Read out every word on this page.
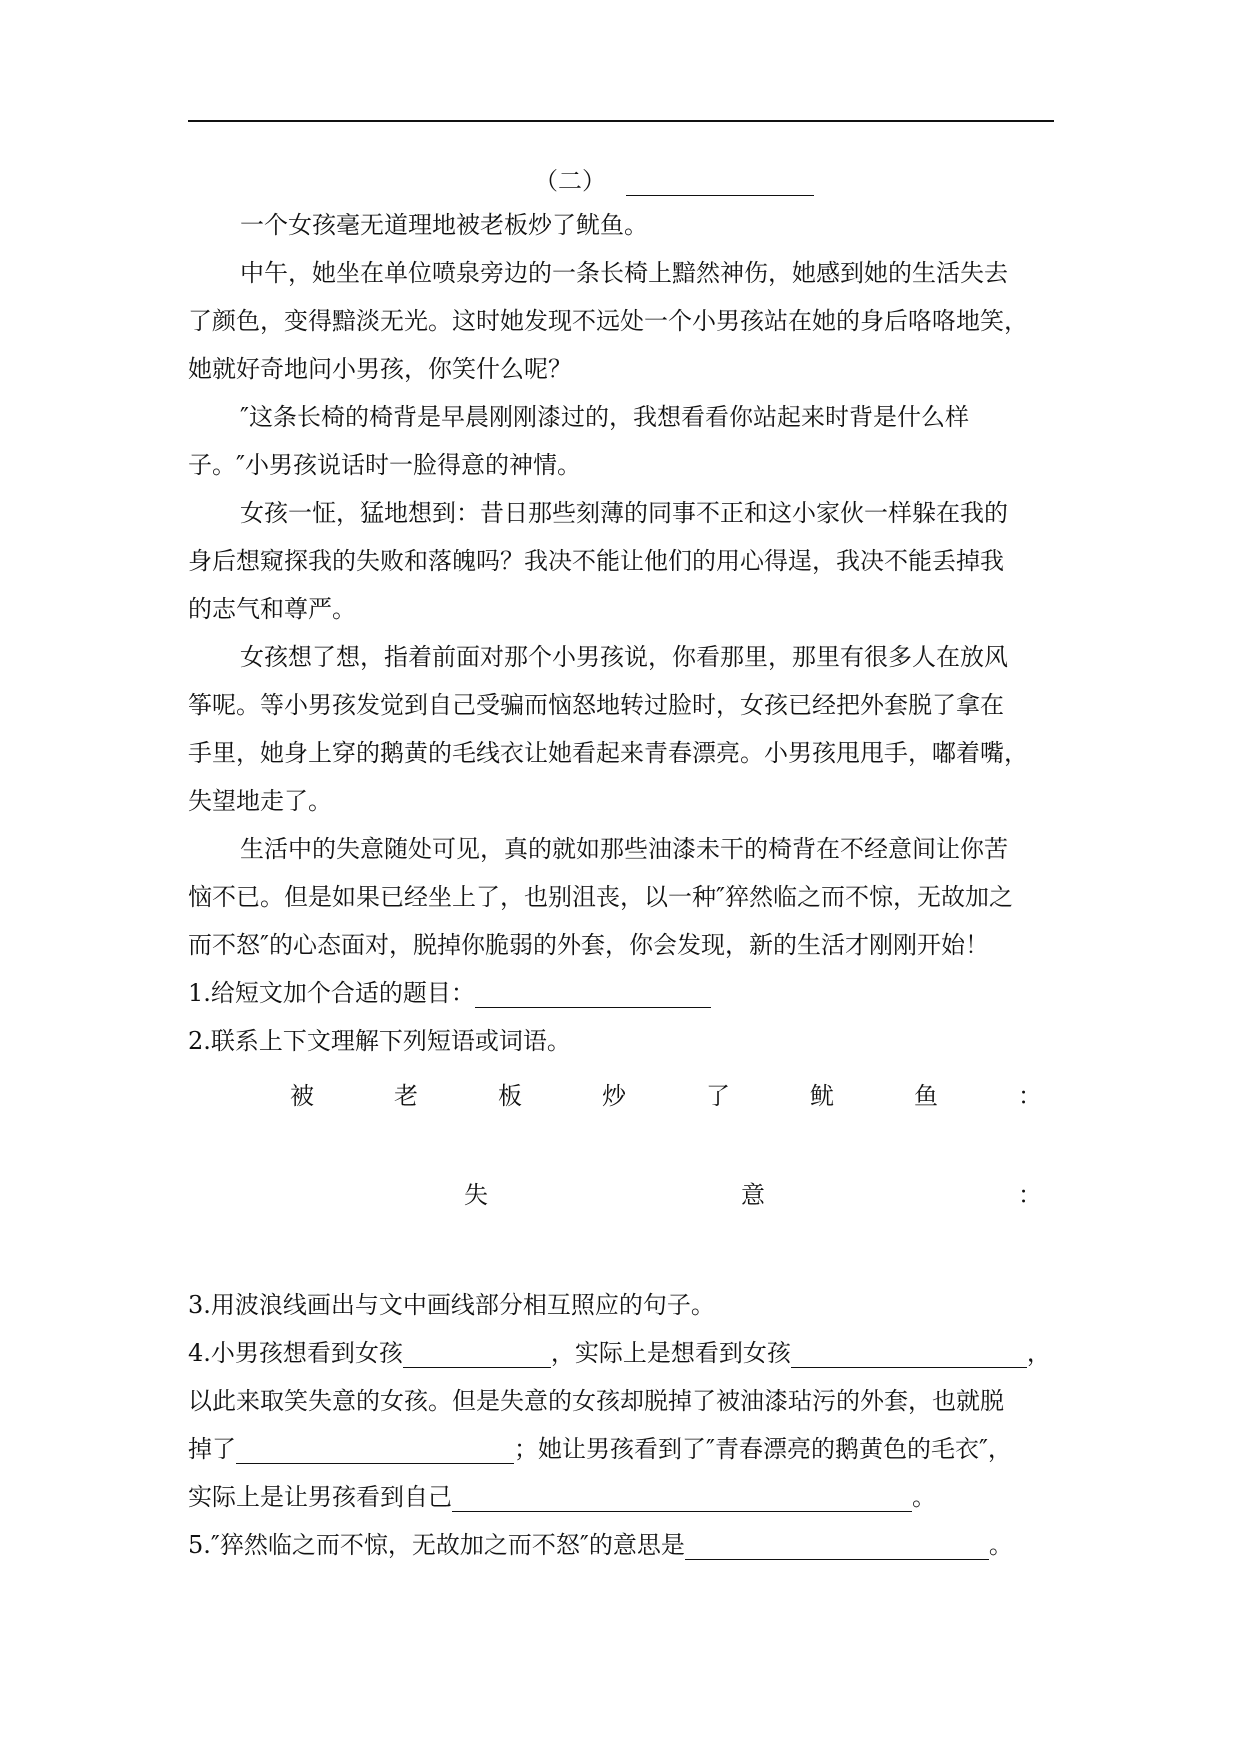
（二）
一个女孩毫无道理地被老板炒了鱿鱼。
中午，她坐在单位喷泉旁边的一条长椅上黯然神伤，她感到她的生活失去
了颜色，变得黯淡无光。这时她发现不远处一个小男孩站在她的身后咯咯地笑，
她就好奇地问小男孩，你笑什么呢？
″这条长椅的椅背是早晨刚刚漆过的，我想看看你站起来时背是什么样
子。″小男孩说话时一脸得意的神情。
女孩一怔，猛地想到：昔日那些刻薄的同事不正和这小家伙一样躲在我的
身后想窥探我的失败和落魄吗？我决不能让他们的用心得逞，我决不能丢掉我
的志气和尊严。
女孩想了想，指着前面对那个小男孩说，你看那里，那里有很多人在放风
筝呢。等小男孩发觉到自己受骗而恼怒地转过脸时，女孩已经把外套脱了拿在
手里，她身上穿的鹅黄的毛线衣让她看起来青春漂亮。小男孩甩甩手，嘟着嘴，
失望地走了。
生活中的失意随处可见，真的就如那些油漆未干的椅背在不经意间让你苦
恼不已。但是如果已经坐上了，也别沮丧，以一种″猝然临之而不惊，无故加之
而不怒″的心态面对，脱掉你脆弱的外套，你会发现，新的生活才刚刚开始！
1.给短文加个合适的题目：
2.联系上下文理解下列短语或词语。
被	老	板	炒	了	鱿	鱼	：
失	意	：
3.用波浪线画出与文中画线部分相互照应的句子。
4.小男孩想看到女孩	，实际上是想看到女孩	，
以此来取笑失意的女孩。但是失意的女孩却脱掉了被油漆玷污的外套，也就脱
掉了	；她让男孩看到了″青春漂亮的鹅黄色的毛衣″，
实际上是让男孩看到自己	。
5.″猝然临之而不惊，无故加之而不怒″的意思是	。
